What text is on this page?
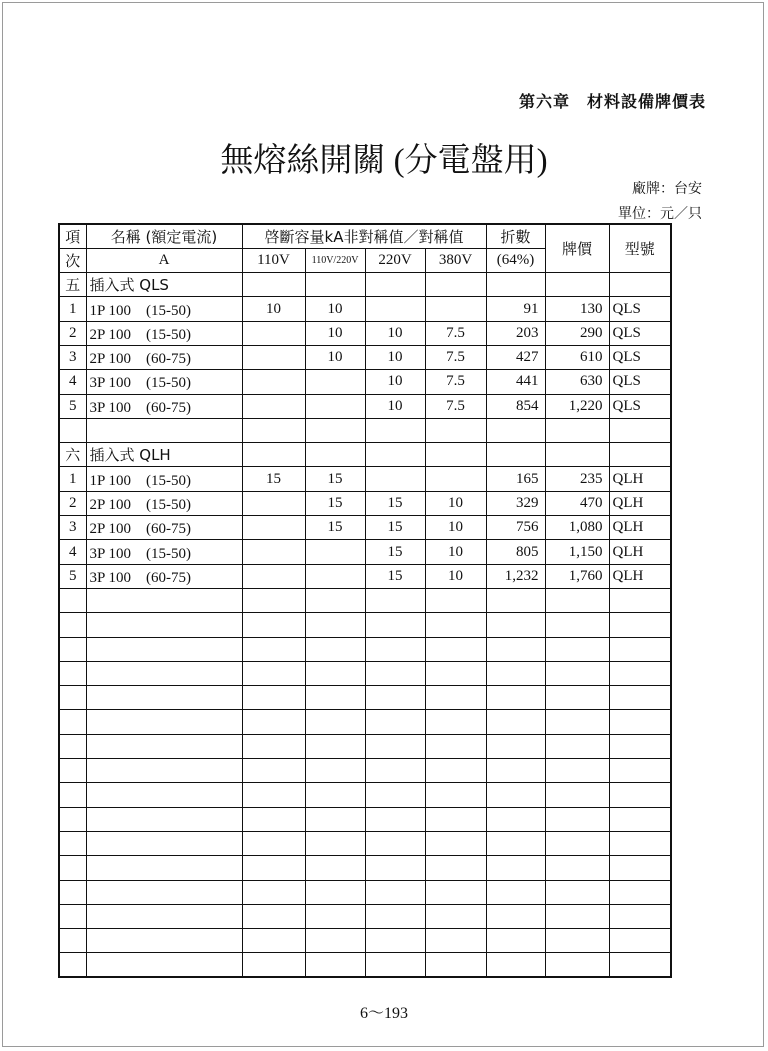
第六章　材料設備牌價表
無熔絲開關 (分電盤用)
廠牌：台安
單位：元／只
項	名稱 (額定電流)	啓斷容量kA非對稱值／對稱值				折數	牌價	型號
次	A	110V	110V/220V	220V	380V	(64%)		
五	插入式 QLS							
1	1P 100　(15-50)	10	10			91	130	QLS
2	2P 100　(15-50)		10	10	7.5	203	290	QLS
3	2P 100　(60-75)		10	10	7.5	427	610	QLS
4	3P 100　(15-50)			10	7.5	441	630	QLS
5	3P 100　(60-75)			10	7.5	854	1,220	QLS

六	插入式 QLH							
1	1P 100　(15-50)	15	15			165	235	QLH
2	2P 100　(15-50)		15	15	10	329	470	QLH
3	2P 100　(60-75)		15	15	10	756	1,080	QLH
4	3P 100　(15-50)			15	10	805	1,150	QLH
5	3P 100　(60-75)			15	10	1,232	1,760	QLH

6～193
